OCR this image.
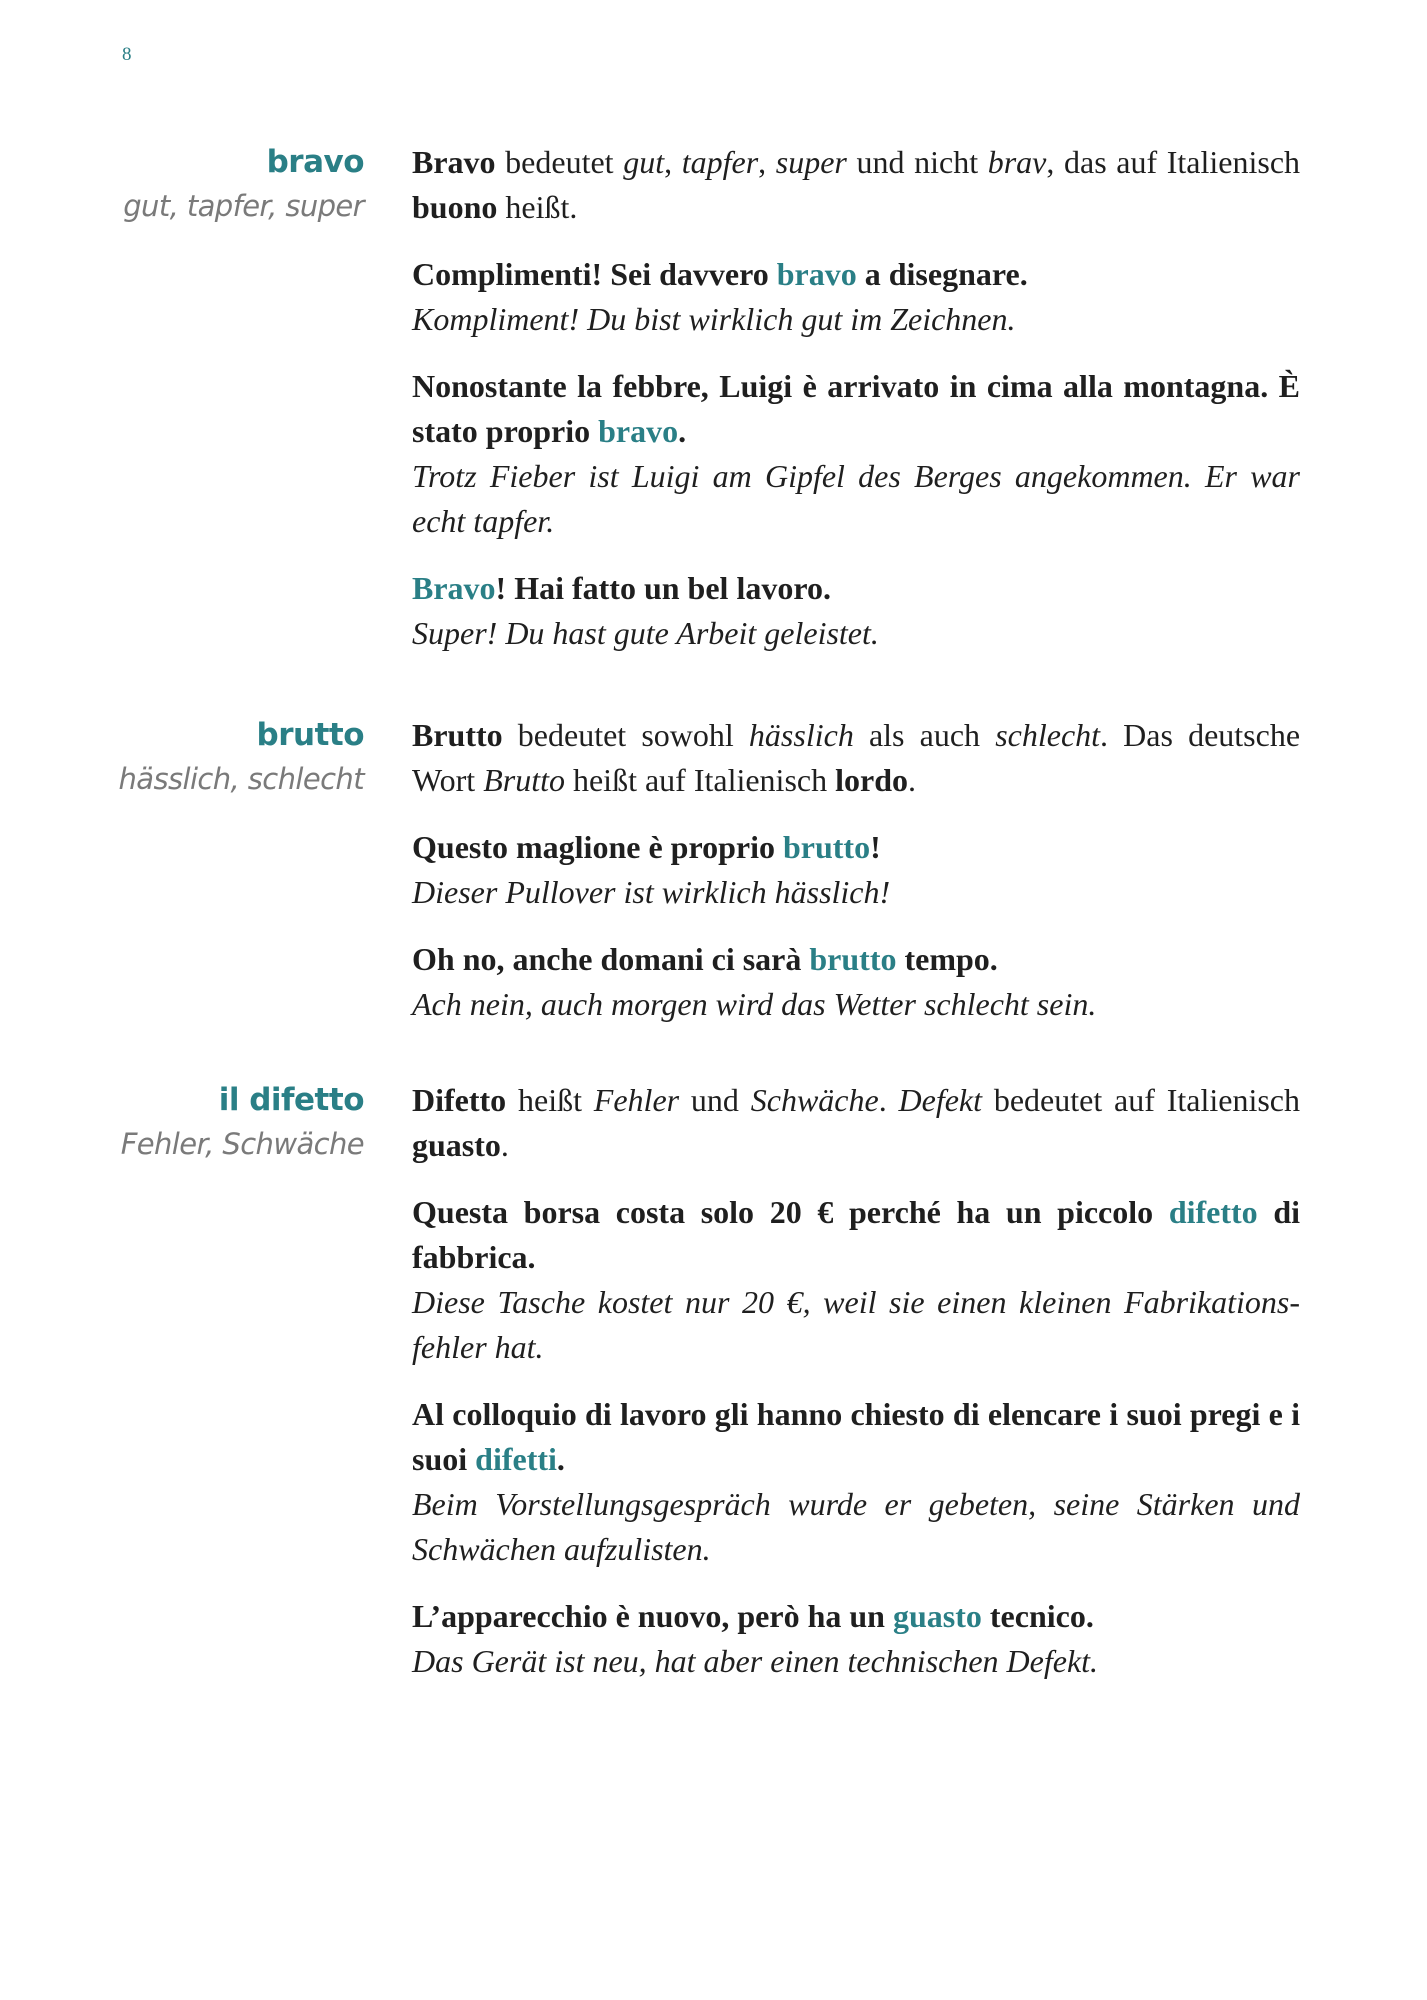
8
bravo
gut, tapfer, super

Bravo bedeutet gut, tapfer, super und nicht brav, das auf Italienisch buono heißt.

Complimenti! Sei davvero bravo a disegnare.

Kompliment! Du bist wirklich gut im Zeichnen.

Nonostante la febbre, Luigi è arrivato in cima alla montagna. È stato proprio bravo.

Trotz Fieber ist Luigi am Gipfel des Berges angekommen. Er war echt tapfer.

Bravo! Hai fatto un bel lavoro.

Super! Du hast gute Arbeit geleistet.

brutto
hässlich, schlecht

Brutto bedeutet sowohl hässlich als auch schlecht. Das deutsche Wort Brutto heißt auf Italienisch lordo.

Questo maglione è proprio brutto!

Dieser Pullover ist wirklich hässlich!

Oh no, anche domani ci sarà brutto tempo.

Ach nein, auch morgen wird das Wetter schlecht sein.

il difetto
Fehler, Schwäche

Difetto heißt Fehler und Schwäche. Defekt bedeutet auf Italienisch guasto.

Questa borsa costa solo 20 € perché ha un piccolo difetto di fabbrica.

Diese Tasche kostet nur 20 €, weil sie einen kleinen Fabrikationsfehler hat.

Al colloquio di lavoro gli hanno chiesto di elencare i suoi pregi e i suoi difetti.

Beim Vorstellungsgespräch wurde er gebeten, seine Stärken und Schwächen aufzulisten.

L’apparecchio è nuovo, però ha un guasto tecnico.

Das Gerät ist neu, hat aber einen technischen Defekt.
